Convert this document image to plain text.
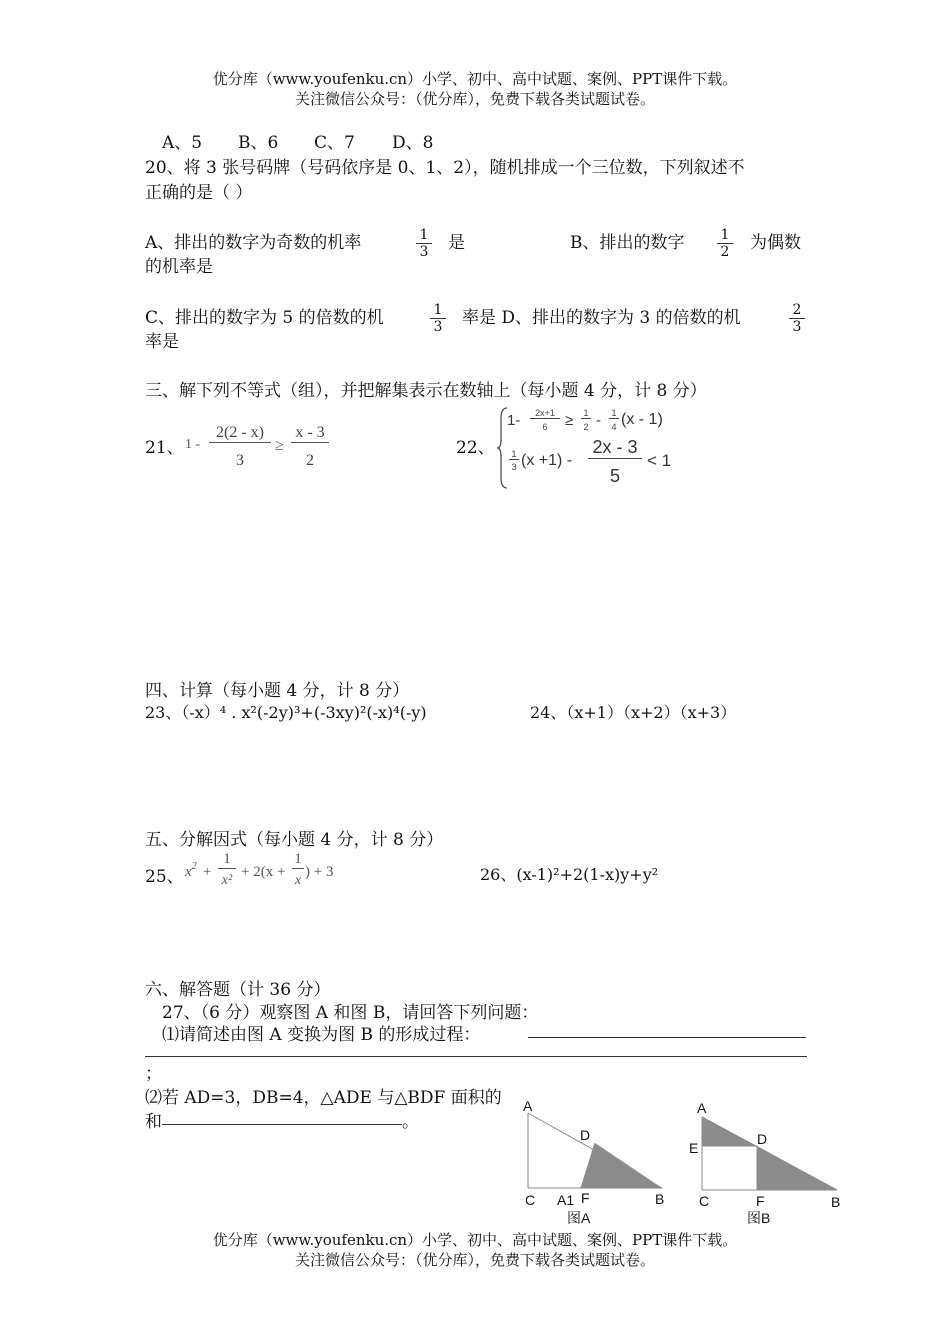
优分库（www.youfenku.cn）小学、初中、高中试题、案例、PPT课件下载。
关注微信公众号：（优分库），免费下载各类试题试卷。
A、5 B、6 C、7 D、8
20、将 3 张号码牌（号码依序是 0、1、2），随机排成一个三位数，下列叙述不
正确的是（ ）
A、排出的数字为奇数的机率	$\frac{1}{3}$ 是	B、排出的数字 $\frac{1}{2}$ 为偶数
的机率是
C、排出的数字为 5 的倍数的机	$\frac{1}{3}$ 率是 D、排出的数字为 3 的倍数的机	$\frac{2}{3}$
率是
三、解下列不等式（组），并把解集表示在数轴上（每小题 4 分，计 8 分）
21、 1 -
2(2 - x)
3
≥
x - 3
2
22、
1-	2x+1
6	≥ 1
2 - 1
4 (x - 1)
1
3 (x +1) -
2x - 3
5
< 1
四、计算（每小题 4 分，计 8 分）
23、（-x）⁴ . x²(-2y)³+(-3xy)²(-x)⁴(-y)	24、（x+1）（x+2）（x+3）
五、分解因式（每小题 4 分，计 8 分）
25、 $x^2$ +
1
x²
+ 2(x +
1
x
) + 3	26、(x-1)²+2(1-x)y+y²
六、解答题（计 36 分）
27、（6 分）观察图 A 和图 B，请回答下列问题：
⑴请简述由图 A 变换为图 B 的形成过程：
；
⑵若 AD=3，DB=4，△ADE 与△BDF 面积的
和	。
A
D
C A1 F	B
图A
A
E
D
C	F	B
图B
优分库（www.youfenku.cn）小学、初中、高中试题、案例、PPT课件下载。
关注微信公众号：（优分库），免费下载各类试题试卷。
